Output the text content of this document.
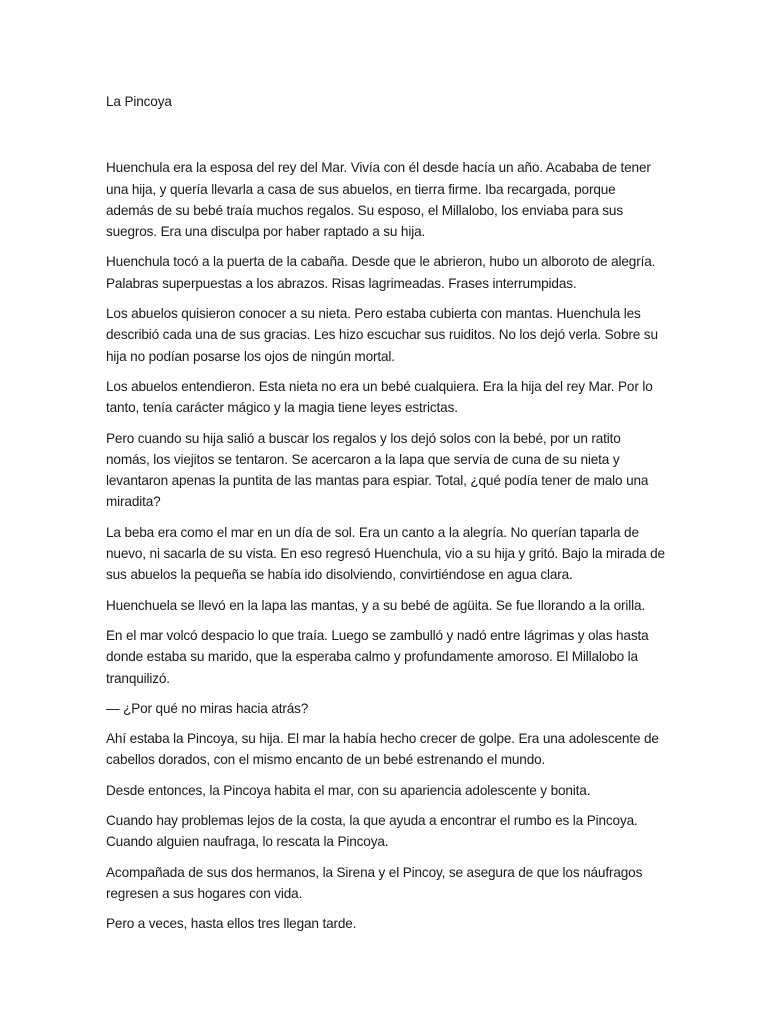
La Pincoya

Huenchula era la esposa del rey del Mar. Vivía con él desde hacía un año. Acababa de tener una hija, y quería llevarla a casa de sus abuelos, en tierra firme. Iba recargada, porque además de su bebé traía muchos regalos. Su esposo, el Millalobo, los enviaba para sus suegros. Era una disculpa por haber raptado a su hija.

Huenchula tocó a la puerta de la cabaña. Desde que le abrieron, hubo un alboroto de alegría. Palabras superpuestas a los abrazos. Risas lagrimeadas. Frases interrumpidas.

Los abuelos quisieron conocer a su nieta. Pero estaba cubierta con mantas. Huenchula les describió cada una de sus gracias. Les hizo escuchar sus ruiditos. No los dejó verla. Sobre su hija no podían posarse los ojos de ningún mortal.

Los abuelos entendieron. Esta nieta no era un bebé cualquiera. Era la hija del rey Mar. Por lo tanto, tenía carácter mágico y la magia tiene leyes estrictas.

Pero cuando su hija salió a buscar los regalos y los dejó solos con la bebé, por un ratito nomás, los viejitos se tentaron. Se acercaron a la lapa que servía de cuna de su nieta y levantaron apenas la puntita de las mantas para espiar. Total, ¿qué podía tener de malo una miradita?

La beba era como el mar en un día de sol. Era un canto a la alegría. No querían taparla de nuevo, ni sacarla de su vista. En eso regresó Huenchula, vio a su hija y gritó. Bajo la mirada de sus abuelos la pequeña se había ido disolviendo, convirtiéndose en agua clara.

Huenchuela se llevó en la lapa las mantas, y a su bebé de agüita. Se fue llorando a la orilla.

En el mar volcó despacio lo que traía. Luego se zambulló y nadó entre lágrimas y olas hasta donde estaba su marido, que la esperaba calmo y profundamente amoroso. El Millalobo la tranquilizó.

— ¿Por qué no miras hacia atrás?

Ahí estaba la Pincoya, su hija. El mar la había hecho crecer de golpe. Era una adolescente de cabellos dorados, con el mismo encanto de un bebé estrenando el mundo.

Desde entonces, la Pincoya habita el mar, con su apariencia adolescente y bonita.

Cuando hay problemas lejos de la costa, la que ayuda a encontrar el rumbo es la Pincoya. Cuando alguien naufraga, lo rescata la Pincoya.

Acompañada de sus dos hermanos, la Sirena y el Pincoy, se asegura de que los náufragos regresen a sus hogares con vida.

Pero a veces, hasta ellos tres llegan tarde.
